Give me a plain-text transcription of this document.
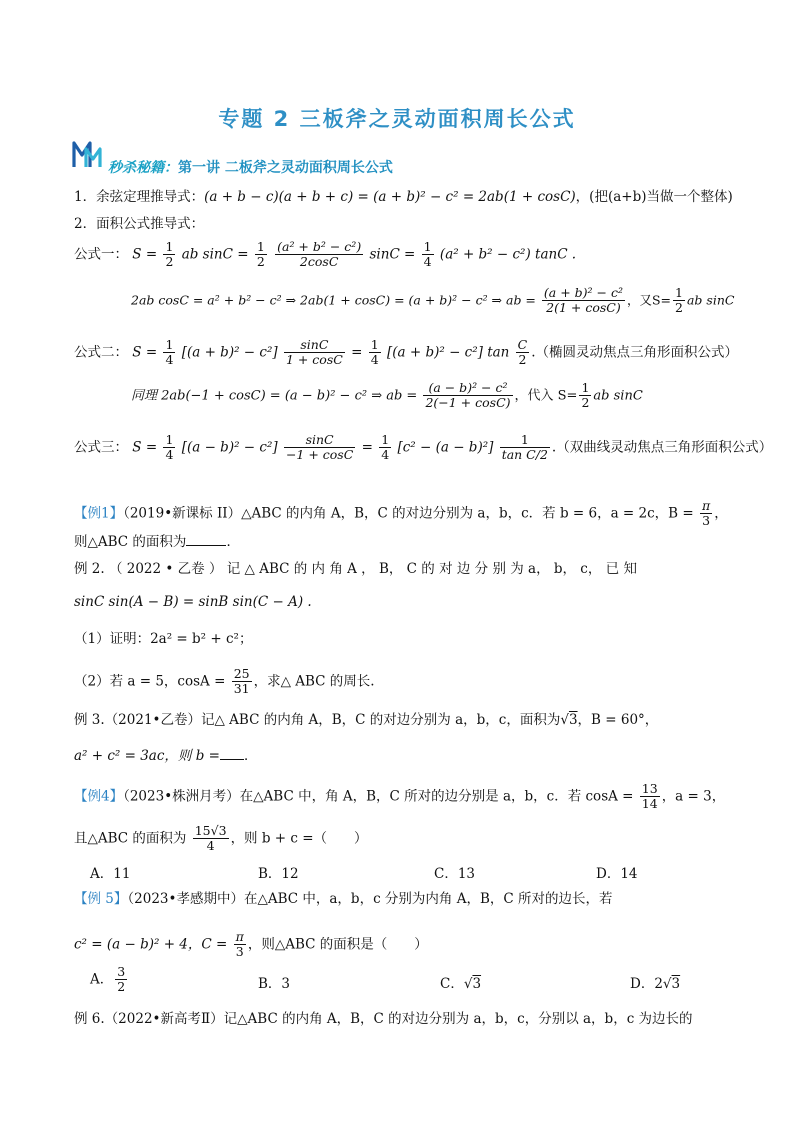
专题 2 三板斧之灵动面积周长公式
秒杀秘籍：第一讲 二板斧之灵动面积周长公式
1．余弦定理推导式：(a + b − c)(a + b + c) = (a + b)² − c² = 2ab(1 + cosC)，(把(a+b)当做一个整体)
2．面积公式推导式：
公式一： $S = \frac{1}{2}$ ab $\sin C = \frac{1}{2}$
$\frac{\text{(a² + b² − c²)}}{2\cos C}$ $\sin C = \frac{1}{4} (a^2 + b^2 - c^2)$ tanC .
2ab cosC = a² + b² − c² ⇒ 2ab(1 + cosC) = (a + b)² − c² ⇒ ab = $\frac{\text{(a + b)² − c²}}{2(1 + \cos C)}$ ，又$S= \frac{1}{2}$ ab sinC
公式二： $S = \frac{1}{4} [(a + b)^2 - c^2] \frac{\sin C}{1 + \cos C} = \frac{1}{4} [(a + b)^2 - c^2]$ $\tan \frac{C}{2}$ .（椭圆灵动焦点三角形面积公式）
同理 2ab(−1 + cosC) = (a − b)² − c² ⇒ ab = $\frac{\text{(a − b)² − c²}}{2(-1 + \cos C)}$ ，代入 $S= \frac{1}{2}$ ab sinC
公式三： $S = \frac{1}{4} [(a - b)^2 - c^2] \frac{\sin C}{-1 + \cos C} = \frac{1}{4} [c^2 - (a - b)^2] \frac{1}{\text{tan C/2}}$ .（双曲线灵动焦点三角形面积公式）
【例1】（2019•新课标 II）△ABC 的内角 A，B，C 的对边分别为 a，b，c．若 b = 6，a = 2c，$B = \frac{\pi}{3}$ ，
则△ABC 的面积为	．
例 2. （ 2022 • 乙卷 ） 记 △ ABC 的 内 角 A ， B， C 的 对 边 分 别 为 a， b， c， 已 知
sinC sin(A − B) = sinB sin(C − A) .
（1）证明：2a² = b² + c²；
（2）若 a = 5，$\cos A = \frac{25}{31}$ ，求△ ABC 的周长.
例 3.（2021•乙卷）记△ ABC 的内角 A，B，C 的对边分别为 a，b，c，面积为√3，B = 60°，
a² + c² = 3ac，则 b = ．
【例4】（2023•株洲月考）在△ABC 中，角 A，B，C 所对的边分别是 a，b，c．若 $\cos A = \frac{13}{14}$ ，a = 3，
且△ABC 的面积为 $\frac{15√3}{4}$ ，则 b + c =（　　）
A．11	B．12	C．13	D．14
【例 5】（2023•孝感期中）在△ABC 中，a，b，c 分别为内角 A，B，C 所对的边长，若
c² = (a − b)² + 4，$C = \frac{\pi}{3}$ ，则△ABC 的面积是（　　）
A． $\frac{3}{2}$	B．3	C．√3	D．2√3
例 6.（2022•新高考Ⅱ）记△ABC 的内角 A，B，C 的对边分别为 a，b，c，分别以 a，b，c 为边长的
